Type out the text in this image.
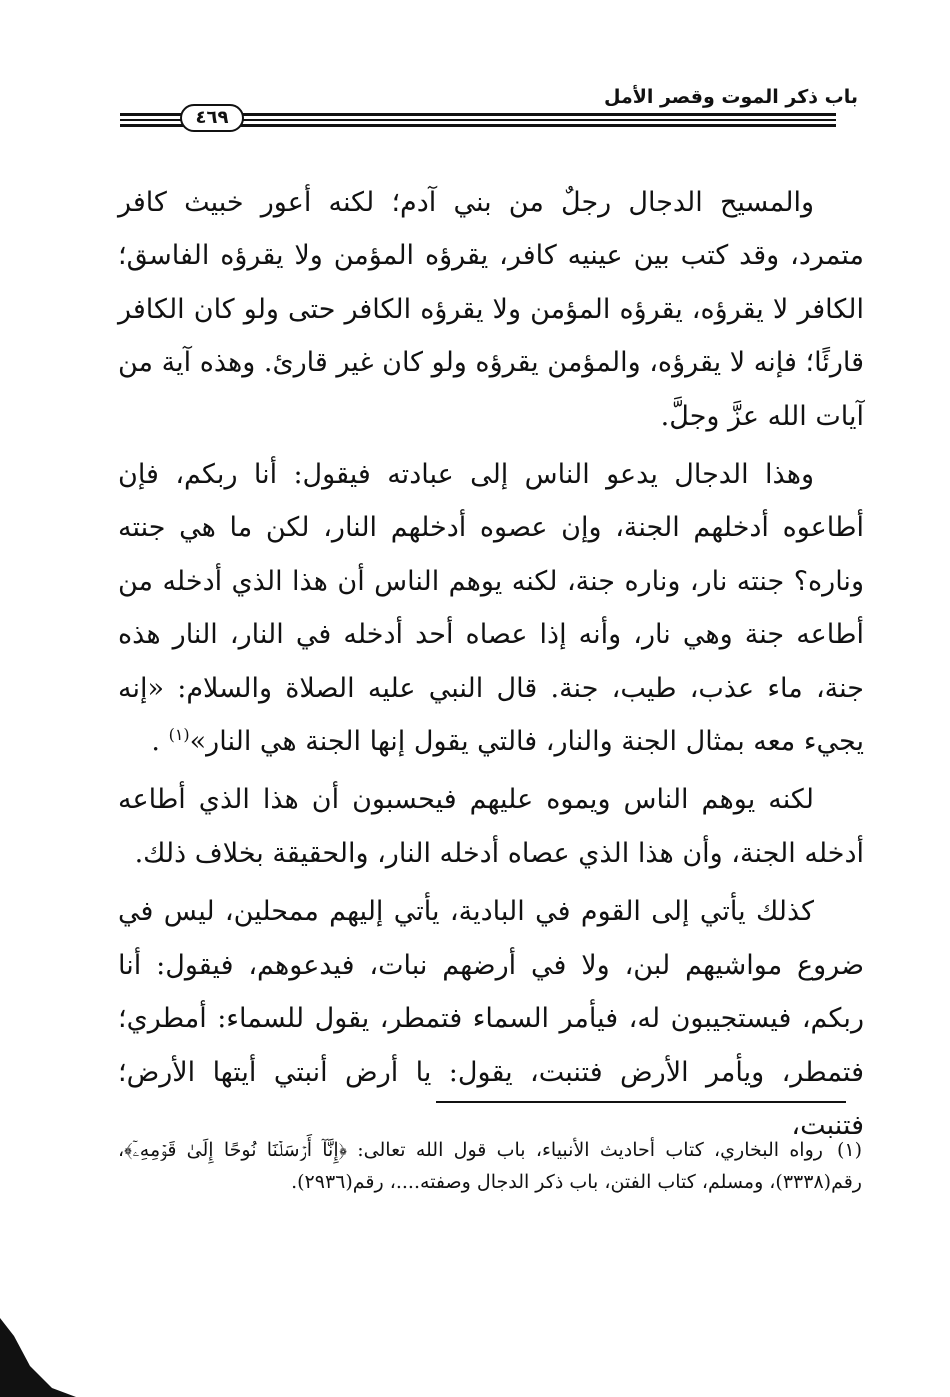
باب ذكر الموت وقصر الأمل
٤٦٩

والمسيح الدجال رجلٌ من بني آدم؛ لكنه أعور خبيث كافر متمرد، وقد كتب بين عينيه كافر، يقرؤه المؤمن ولا يقرؤه الفاسق؛ الكافر لا يقرؤه، يقرؤه المؤمن ولا يقرؤه الكافر حتى ولو كان الكافر قارئًا؛ فإنه لا يقرؤه، والمؤمن يقرؤه ولو كان غير قارئ. وهذه آية من آيات الله عزَّ وجلَّ.

وهذا الدجال يدعو الناس إلى عبادته فيقول: أنا ربكم، فإن أطاعوه أدخلهم الجنة، وإن عصوه أدخلهم النار، لكن ما هي جنته وناره؟ جنته نار، وناره جنة، لكنه يوهم الناس أن هذا الذي أدخله من أطاعه جنة وهي نار، وأنه إذا عصاه أحد أدخله في النار، النار هذه جنة، ماء عذب، طيب، جنة. قال النبي عليه الصلاة والسلام: «إنه يجيء معه بمثال الجنة والنار، فالتي يقول إنها الجنة هي النار»$^{(١)}$ .

لكنه يوهم الناس ويموه عليهم فيحسبون أن هذا الذي أطاعه أدخله الجنة، وأن هذا الذي عصاه أدخله النار، والحقيقة بخلاف ذلك.

كذلك يأتي إلى القوم في البادية، يأتي إليهم ممحلين، ليس في ضروع مواشيهم لبن، ولا في أرضهم نبات، فيدعوهم، فيقول: أنا ربكم، فيستجيبون له، فيأمر السماء فتمطر، يقول للسماء: أمطري؛ فتمطر، ويأمر الأرض فتنبت، يقول: يا أرض أنبتي أيتها الأرض؛ فتنبت،

(١)رواه البخاري، كتاب أحاديث الأنبياء، باب قول الله تعالى: ﴿إِنَّآ أَرۡسَلۡنَا نُوحًا إِلَىٰ قَوۡمِهِۦٓ﴾، رقم(٣٣٣٨)، ومسلم، كتاب الفتن، باب ذكر الدجال وصفته....، رقم(٢٩٣٦).
